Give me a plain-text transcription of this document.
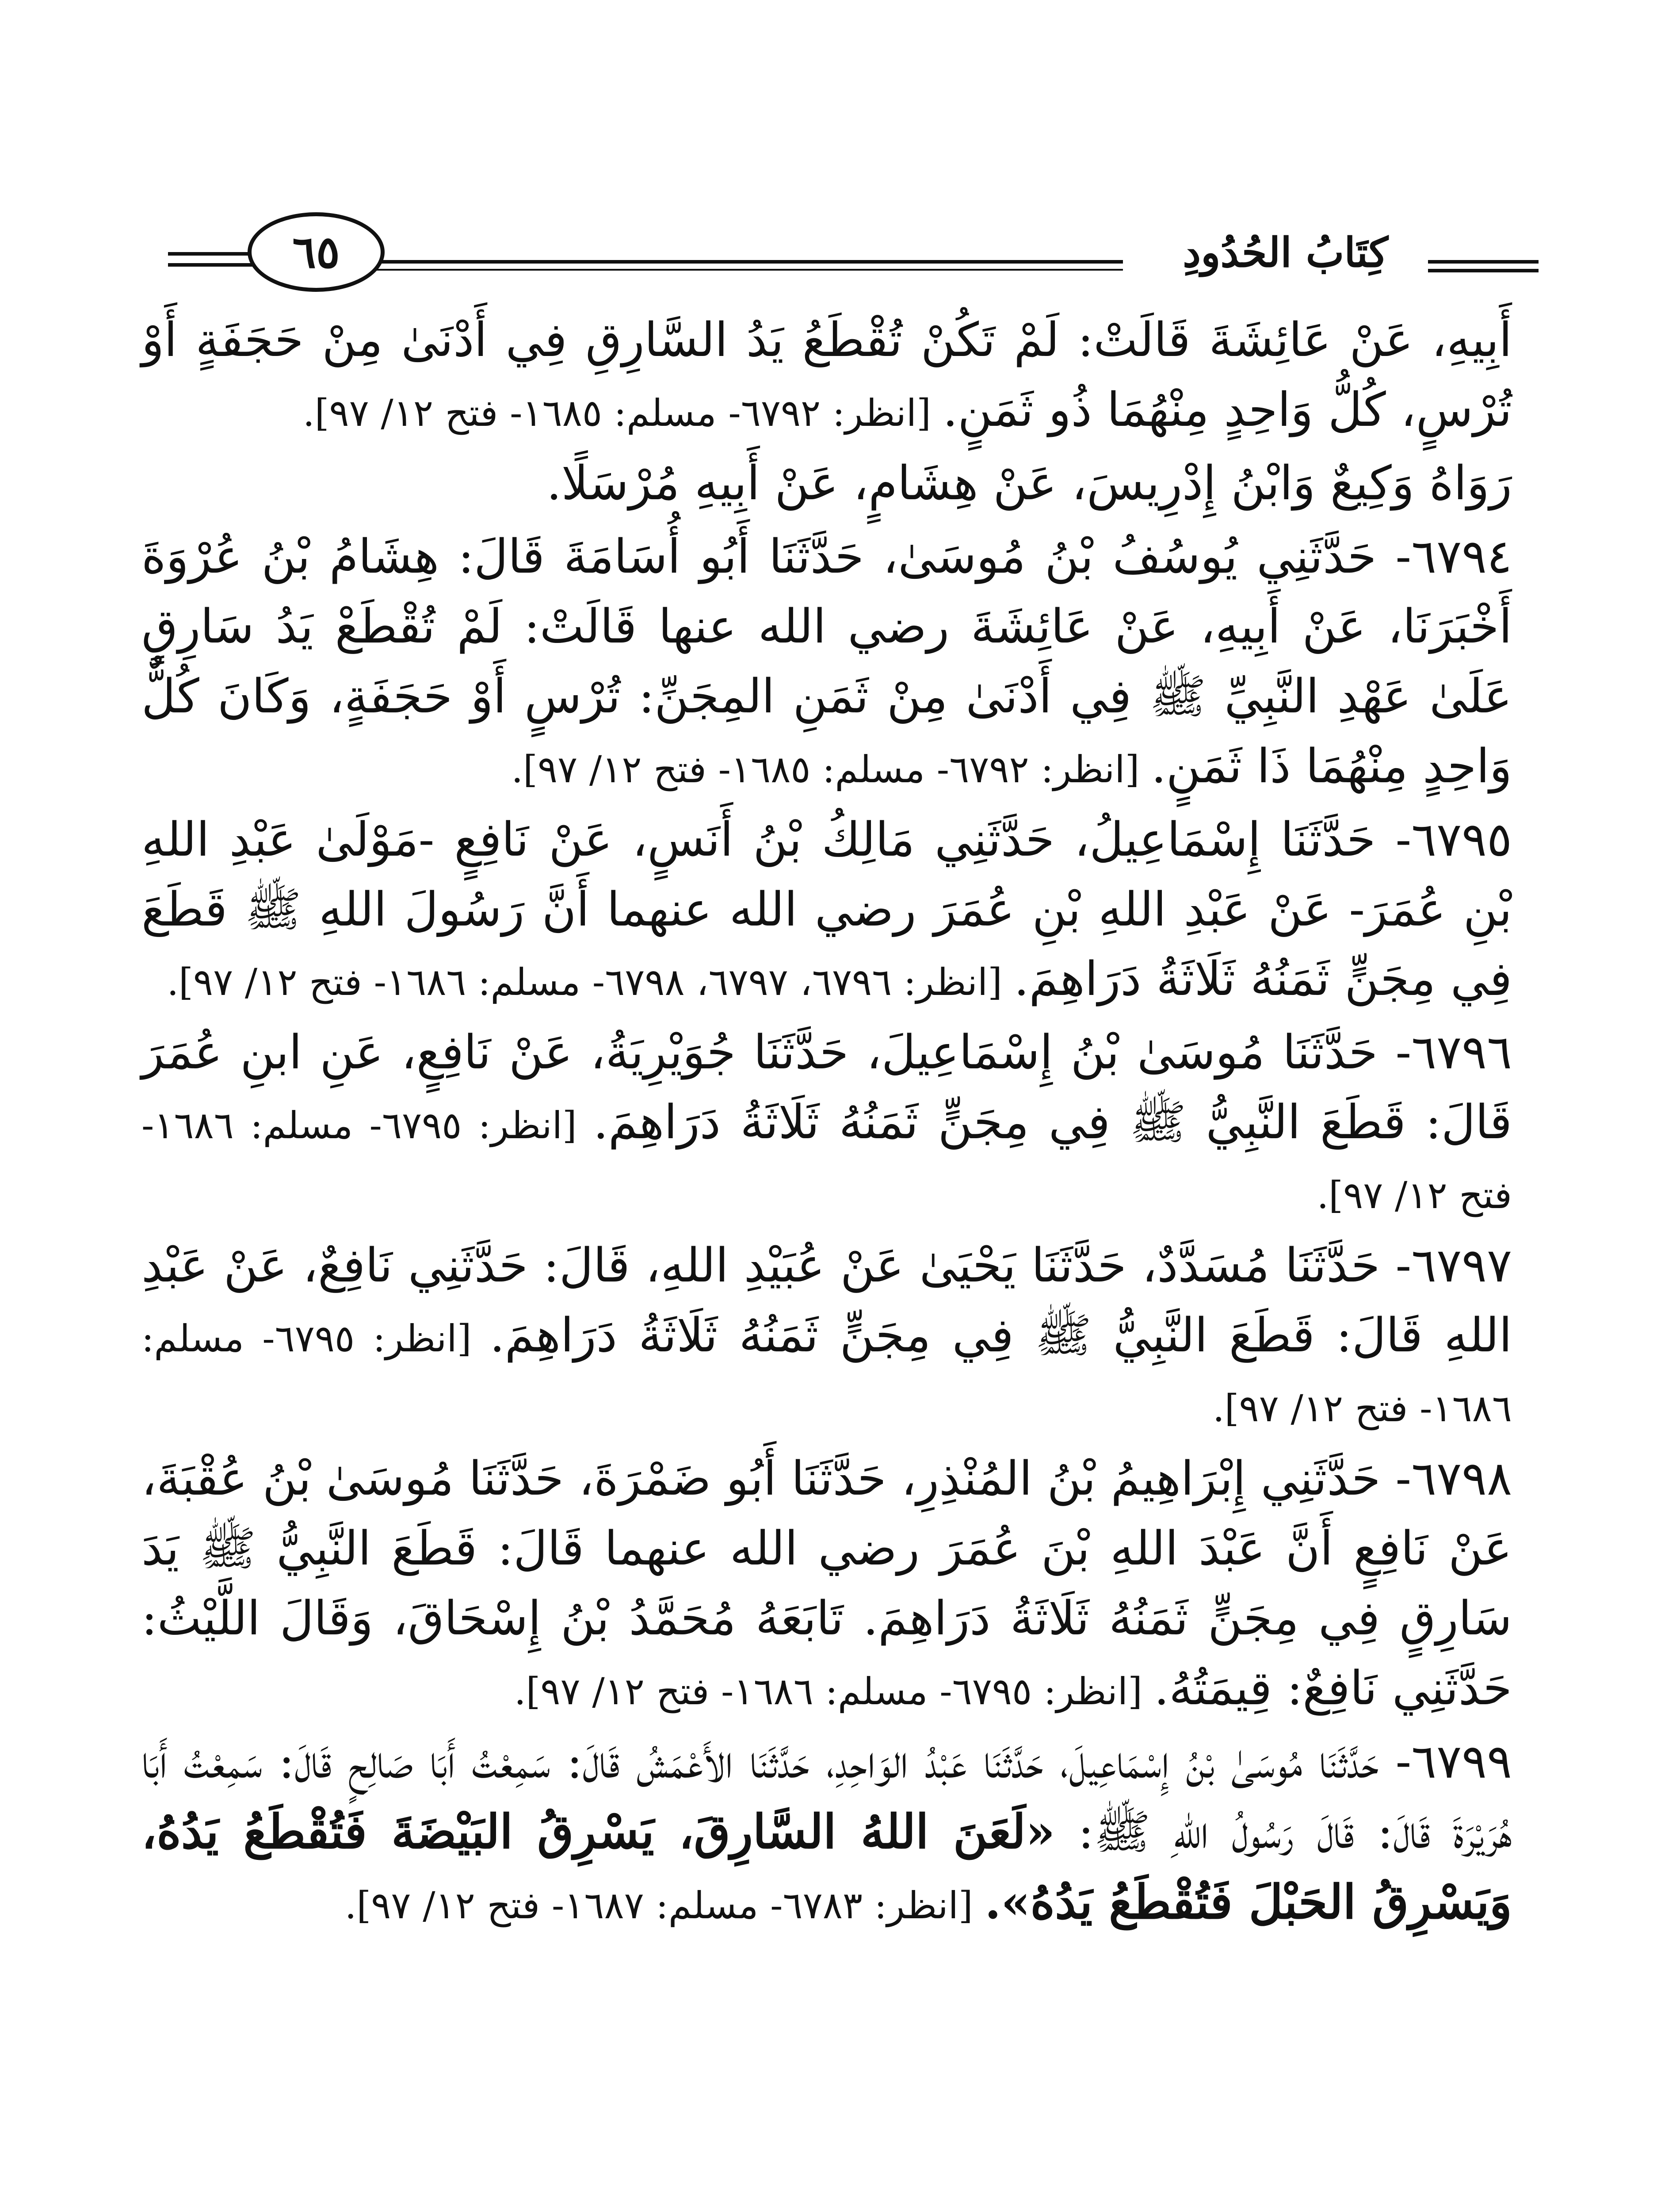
كِتَابُ الحُدُودِ
٦٥

أَبِيهِ، عَنْ عَائِشَةَ قَالَتْ: لَمْ تَكُنْ تُقْطَعُ يَدُ السَّارِقِ فِي أَدْنَىٰ مِنْ حَجَفَةٍ أَوْ تُرْسٍ، كُلُّ وَاحِدٍ مِنْهُمَا ذُو ثَمَنٍ. [انظر: ٦٧٩٢- مسلم: ١٦٨٥- فتح ١٢/ ٩٧].

رَوَاهُ وَكِيعٌ وَابْنُ إِدْرِيسَ، عَنْ هِشَامٍ، عَنْ أَبِيهِ مُرْسَلًا.

٦٧٩٤- حَدَّثَنِي يُوسُفُ بْنُ مُوسَىٰ، حَدَّثَنَا أَبُو أُسَامَةَ قَالَ: هِشَامُ بْنُ عُرْوَةَ أَخْبَرَنَا، عَنْ أَبِيهِ، عَنْ عَائِشَةَ رضي الله عنها قَالَتْ: لَمْ تُقْطَعْ يَدُ سَارِقٍ عَلَىٰ عَهْدِ النَّبِيِّ ﷺ فِي أَدْنَىٰ مِنْ ثَمَنِ المِجَنِّ: تُرْسٍ أَوْ حَجَفَةٍ، وَكَانَ كُلٌّ وَاحِدٍ مِنْهُمَا ذَا ثَمَنٍ. [انظر: ٦٧٩٢- مسلم: ١٦٨٥- فتح ١٢/ ٩٧].

٦٧٩٥- حَدَّثَنَا إِسْمَاعِيلُ، حَدَّثَنِي مَالِكُ بْنُ أَنَسٍ، عَنْ نَافِعٍ -مَوْلَىٰ عَبْدِ اللهِ بْنِ عُمَرَ- عَنْ عَبْدِ اللهِ بْنِ عُمَرَ رضي الله عنهما أَنَّ رَسُولَ اللهِ ﷺ قَطَعَ فِي مِجَنٍّ ثَمَنُهُ ثَلَاثَةُ دَرَاهِمَ. [انظر: ٦٧٩٦، ٦٧٩٧، ٦٧٩٨- مسلم: ١٦٨٦- فتح ١٢/ ٩٧].

٦٧٩٦- حَدَّثَنَا مُوسَىٰ بْنُ إِسْمَاعِيلَ، حَدَّثَنَا جُوَيْرِيَةُ، عَنْ نَافِعٍ، عَنِ ابنِ عُمَرَ قَالَ: قَطَعَ النَّبِيُّ ﷺ فِي مِجَنٍّ ثَمَنُهُ ثَلَاثَةُ دَرَاهِمَ. [انظر: ٦٧٩٥- مسلم: ١٦٨٦- فتح ١٢/ ٩٧].

٦٧٩٧- حَدَّثَنَا مُسَدَّدٌ، حَدَّثَنَا يَحْيَىٰ عَنْ عُبَيْدِ اللهِ، قَالَ: حَدَّثَنِي نَافِعٌ، عَنْ عَبْدِ اللهِ قَالَ: قَطَعَ النَّبِيُّ ﷺ فِي مِجَنٍّ ثَمَنُهُ ثَلَاثَةُ دَرَاهِمَ. [انظر: ٦٧٩٥- مسلم: ١٦٨٦- فتح ١٢/ ٩٧].

٦٧٩٨- حَدَّثَنِي إِبْرَاهِيمُ بْنُ المُنْذِرِ، حَدَّثَنَا أَبُو ضَمْرَةَ، حَدَّثَنَا مُوسَىٰ بْنُ عُقْبَةَ، عَنْ نَافِعٍ أَنَّ عَبْدَ اللهِ بْنَ عُمَرَ رضي الله عنهما قَالَ: قَطَعَ النَّبِيُّ ﷺ يَدَ سَارِقٍ فِي مِجَنٍّ ثَمَنُهُ ثَلَاثَةُ دَرَاهِمَ. تَابَعَهُ مُحَمَّدُ بْنُ إِسْحَاقَ، وَقَالَ اللَّيْثُ: حَدَّثَنِي نَافِعٌ: قِيمَتُهُ. [انظر: ٦٧٩٥- مسلم: ١٦٨٦- فتح ١٢/ ٩٧].

٦٧٩٩- حَدَّثَنَا مُوسَىٰ بْنُ إِسْمَاعِيلَ، حَدَّثَنَا عَبْدُ الوَاحِدِ، حَدَّثَنَا الأَعْمَشُ قَالَ: سَمِعْتُ أَبَا صَالِحٍ قَالَ: سَمِعْتُ أَبَا هُرَيْرَةَ قَالَ: قَالَ رَسُولُ اللهِ ﷺ: «لَعَنَ اللهُ السَّارِقَ، يَسْرِقُ البَيْضَةَ فَتُقْطَعُ يَدُهُ، وَيَسْرِقُ الحَبْلَ فَتُقْطَعُ يَدُهُ». [انظر: ٦٧٨٣- مسلم: ١٦٨٧- فتح ١٢/ ٩٧].
